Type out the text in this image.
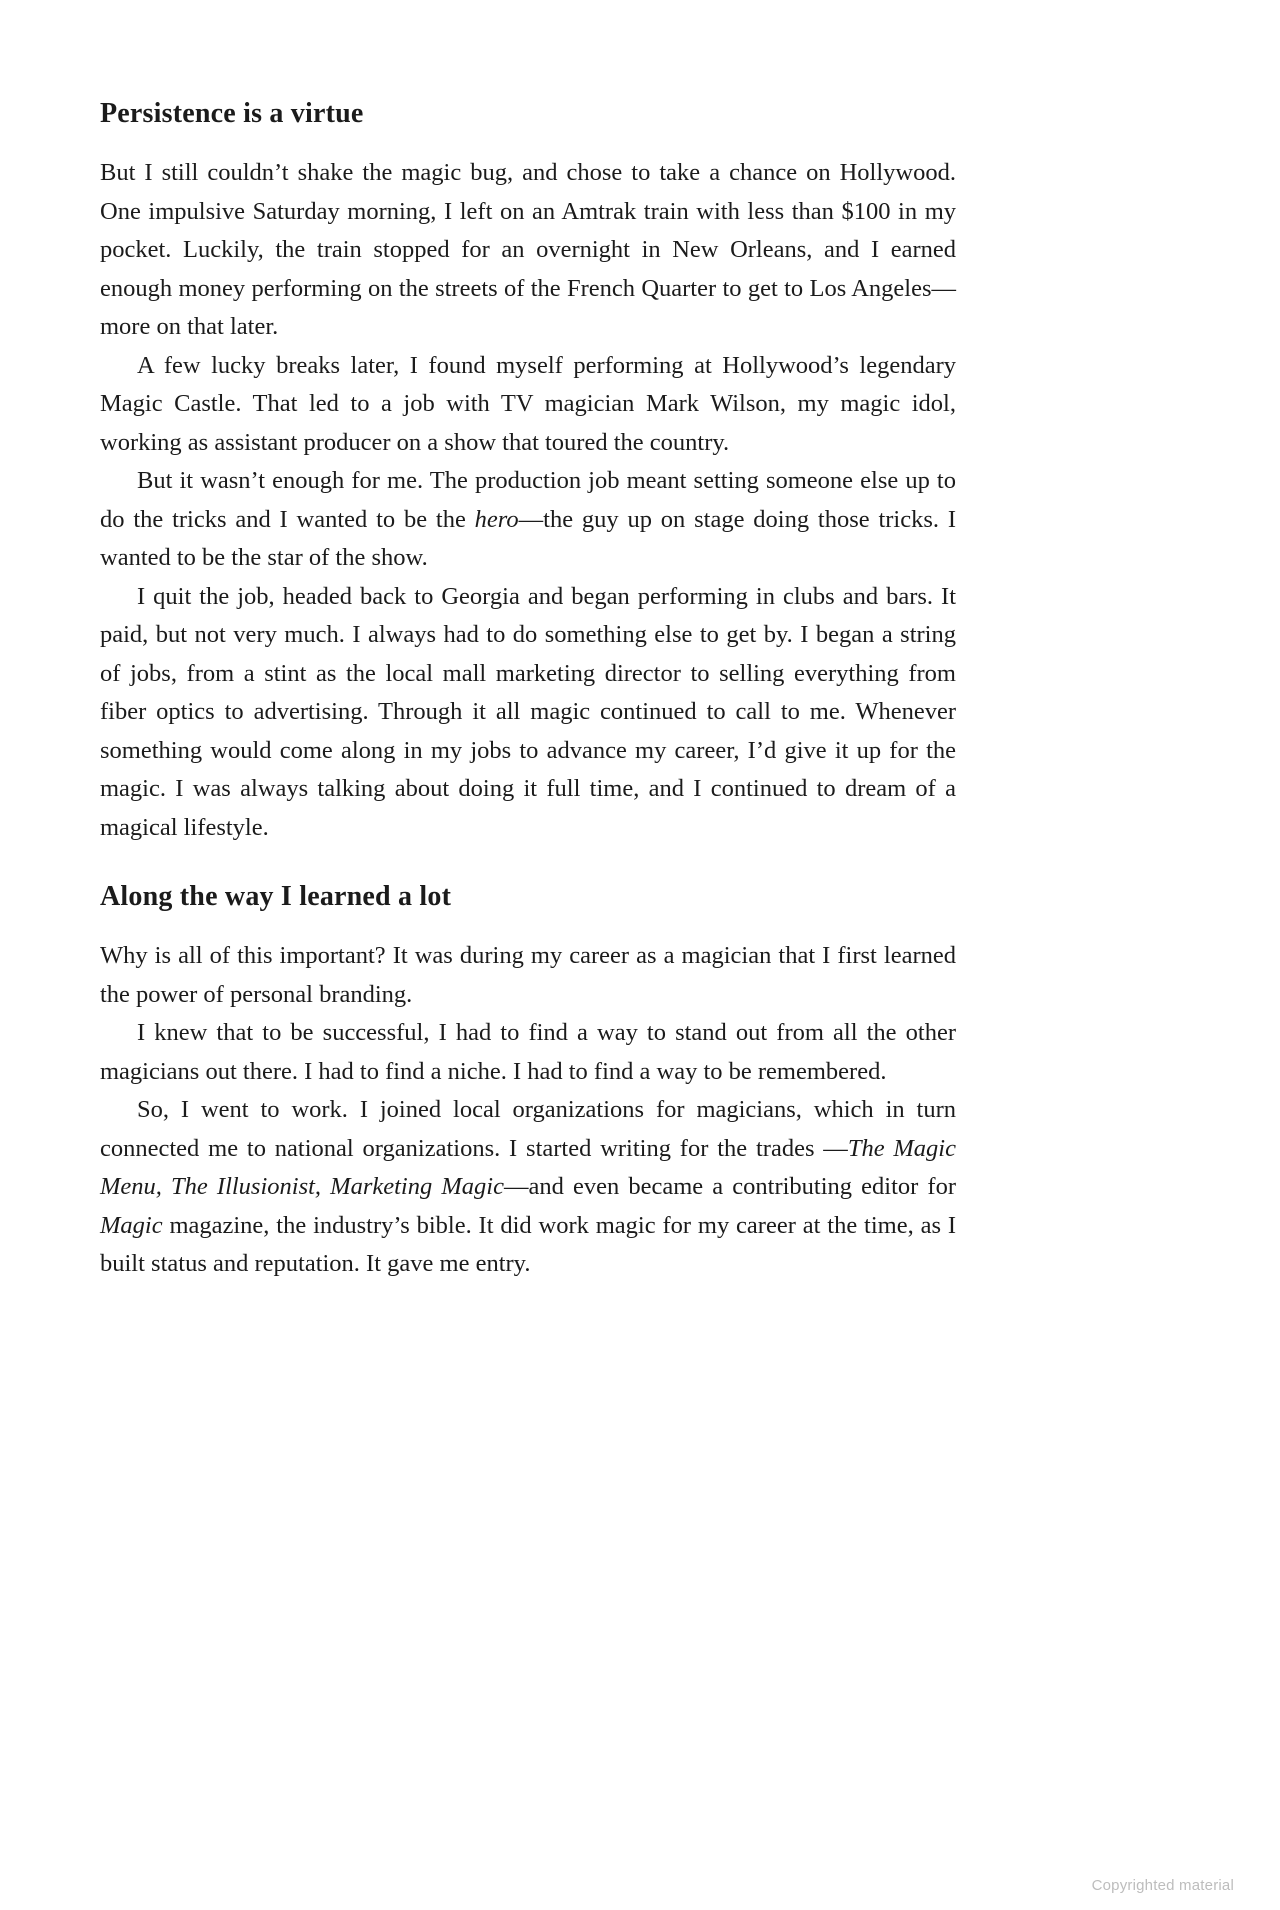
Persistence is a virtue

But I still couldn’t shake the magic bug, and chose to take a chance on Hollywood. One impulsive Saturday morning, I left on an Amtrak train with less than $100 in my pocket. Luckily, the train stopped for an overnight in New Orleans, and I earned enough money performing on the streets of the French Quarter to get to Los Angeles—more on that later.

A few lucky breaks later, I found myself performing at Hollywood’s legendary Magic Castle. That led to a job with TV magician Mark Wilson, my magic idol, working as assistant producer on a show that toured the country.

But it wasn’t enough for me. The production job meant setting someone else up to do the tricks and I wanted to be the hero—the guy up on stage doing those tricks. I wanted to be the star of the show.

I quit the job, headed back to Georgia and began performing in clubs and bars. It paid, but not very much. I always had to do something else to get by. I began a string of jobs, from a stint as the local mall marketing director to selling everything from fiber optics to advertising. Through it all magic continued to call to me. Whenever something would come along in my jobs to advance my career, I’d give it up for the magic. I was always talking about doing it full time, and I continued to dream of a magical lifestyle.

Along the way I learned a lot

Why is all of this important? It was during my career as a magician that I first learned the power of personal branding.

I knew that to be successful, I had to find a way to stand out from all the other magicians out there. I had to find a niche. I had to find a way to be remembered.

So, I went to work. I joined local organizations for magicians, which in turn connected me to national organizations. I started writing for the trades —The Magic Menu, The Illusionist, Marketing Magic—and even became a contributing editor for Magic magazine, the industry’s bible. It did work magic for my career at the time, as I built status and reputation. It gave me entry.

Copyrighted material
